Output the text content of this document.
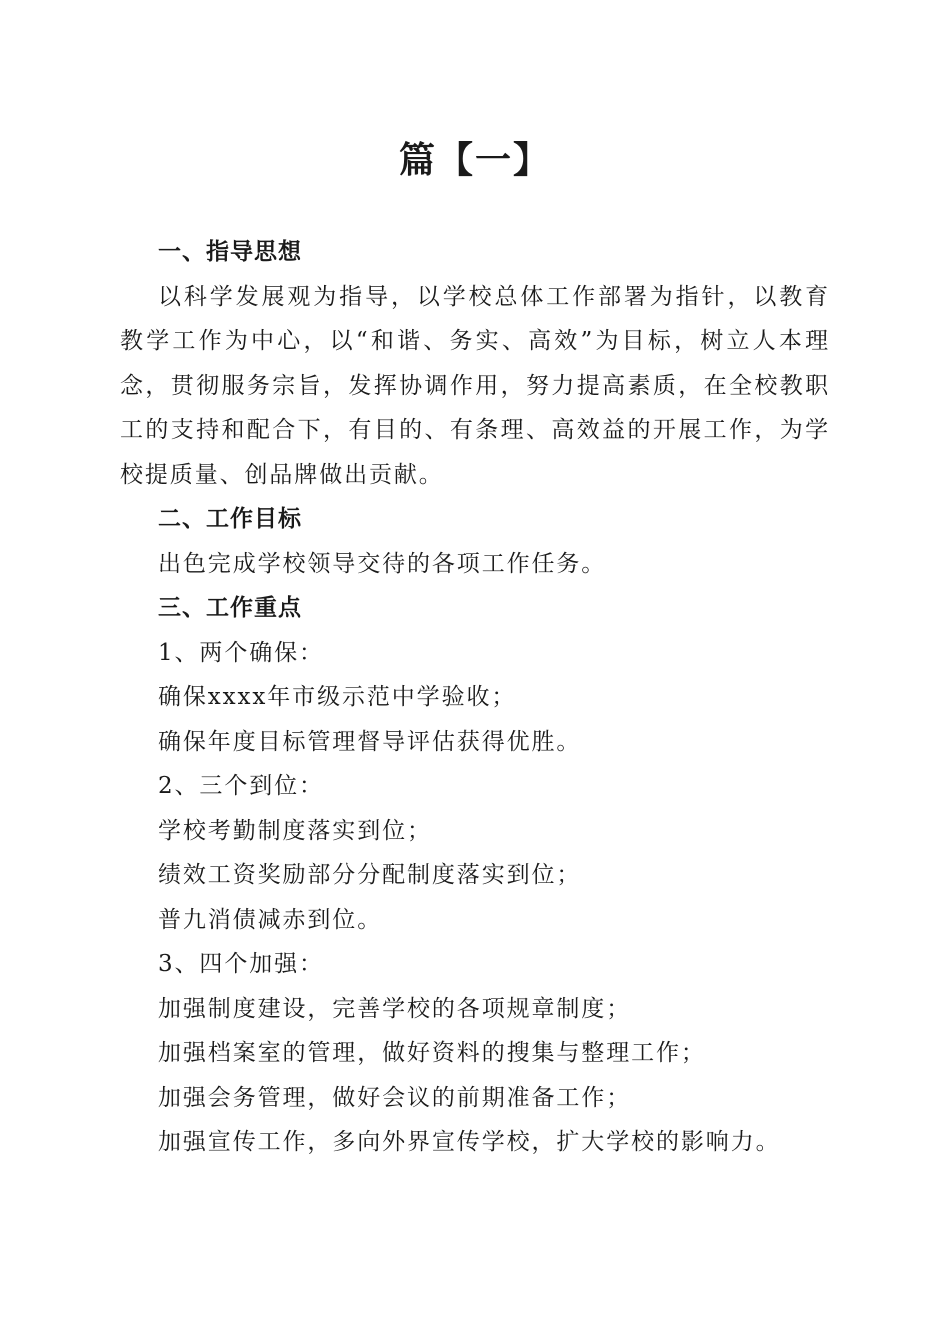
篇【一】
一、指导思想
以科学发展观为指导，以学校总体工作部署为指针，以教育教学工作为中心，以“和谐、务实、高效”为目标，树立人本理念，贯彻服务宗旨，发挥协调作用，努力提高素质，在全校教职工的支持和配合下，有目的、有条理、高效益的开展工作，为学校提质量、创品牌做出贡献。
二、工作目标
出色完成学校领导交待的各项工作任务。
三、工作重点
1、两个确保：
确保xxxx年市级示范中学验收；
确保年度目标管理督导评估获得优胜。
2、三个到位：
学校考勤制度落实到位；
绩效工资奖励部分分配制度落实到位；
普九消债减赤到位。
3、四个加强：
加强制度建设，完善学校的各项规章制度；
加强档案室的管理，做好资料的搜集与整理工作；
加强会务管理，做好会议的前期准备工作；
加强宣传工作，多向外界宣传学校，扩大学校的影响力。
